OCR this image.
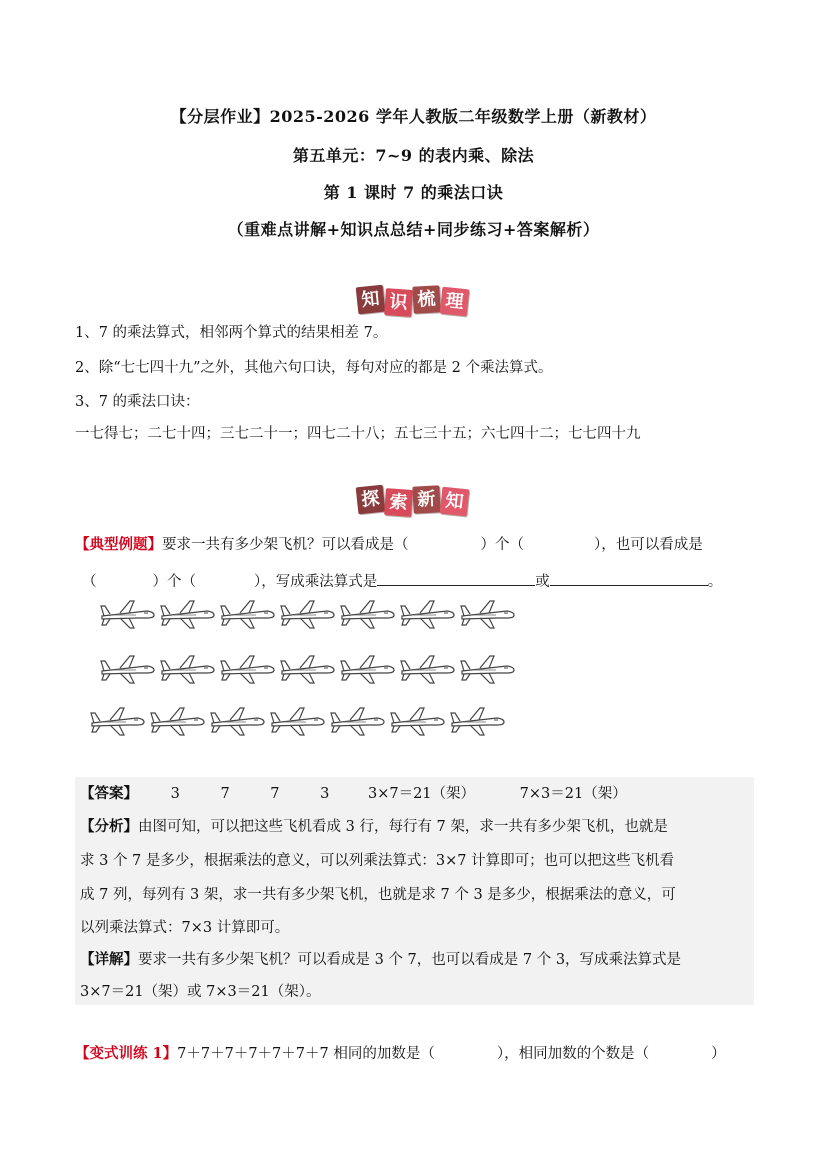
【分层作业】2025-2026 学年人教版二年级数学上册（新教材）
第五单元：7~9 的表内乘、除法
第 1 课时 7 的乘法口诀
（重难点讲解+知识点总结+同步练习+答案解析）
知 识 梳 理
1、7 的乘法算式，相邻两个算式的结果相差 7。
2、除“七七四十九”之外，其他六句口诀，每句对应的都是 2 个乘法算式。
3、7 的乘法口诀：
一七得七；二七十四；三七二十一；四七二十八；五七三十五；六七四十二；七七四十九
探 索 新 知
【典型例题】要求一共有多少架飞机？可以看成是（	）个（	），也可以看成是
（	）个（	），写成乘法算式是	或	。
【答案】 3	7	7	3	3×7＝21（架）	7×3＝21（架）
【分析】由图可知，可以把这些飞机看成 3 行，每行有 7 架，求一共有多少架飞机，也就是
求 3 个 7 是多少，根据乘法的意义，可以列乘法算式：3×7 计算即可；也可以把这些飞机看
成 7 列，每列有 3 架，求一共有多少架飞机，也就是求 7 个 3 是多少，根据乘法的意义，可
以列乘法算式：7×3 计算即可。
【详解】要求一共有多少架飞机？可以看成是 3 个 7，也可以看成是 7 个 3，写成乘法算式是
3×7＝21（架）或 7×3＝21（架）。
【变式训练 1】7＋7＋7＋7＋7＋7＋7 相同的加数是（	），相同加数的个数是（	）
